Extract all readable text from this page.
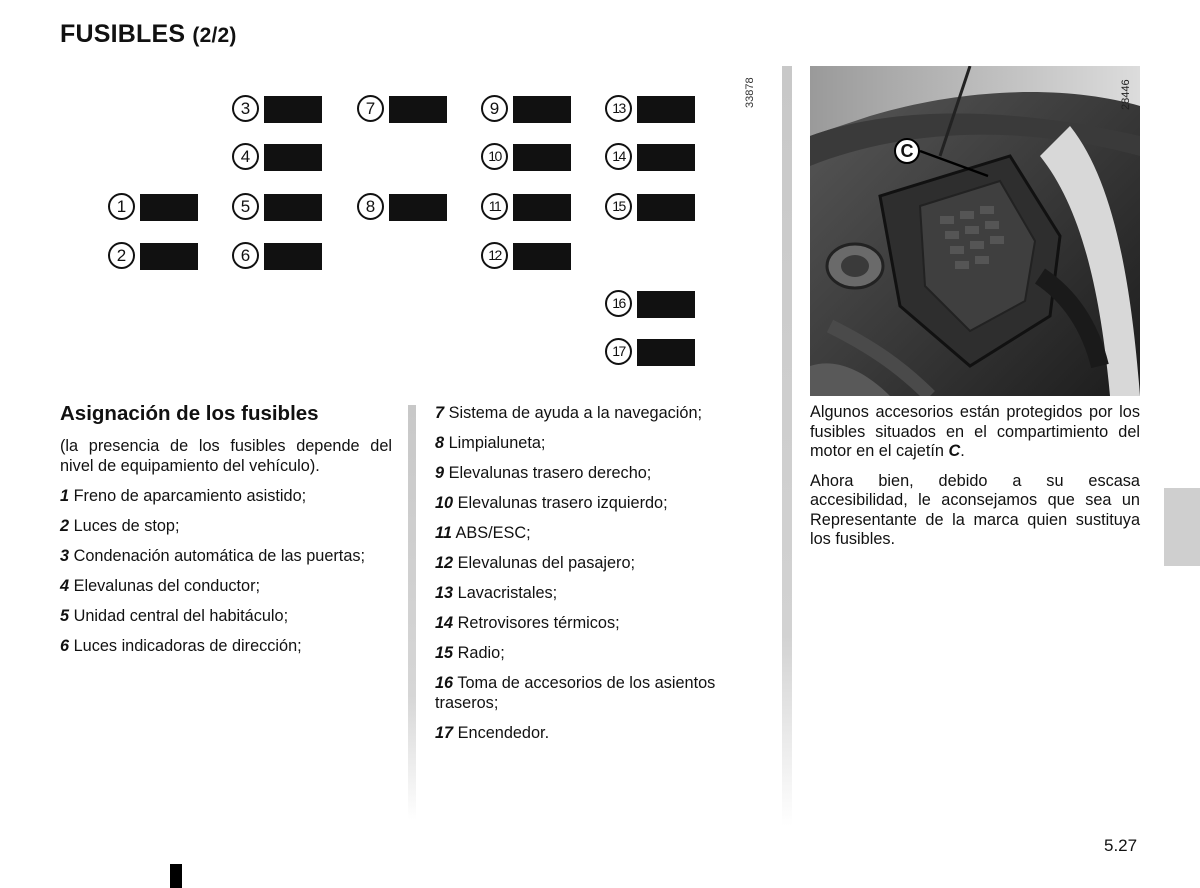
FUSIBLES (2/2)
1
2
3
4
5
6
7
8
9
10
11
12
13
14
15
16
17
33878

Asignación de los fusibles

(la presencia de los fusibles depende del nivel de equipamiento del vehículo).

1 Freno de aparcamiento asistido;

2 Luces de stop;

3 Condenación automática de las puertas;

4 Elevalunas del conductor;

5 Unidad central del habitáculo;

6 Luces indicadoras de dirección;

7 Sistema de ayuda a la navegación;

8 Limpialuneta;

9 Elevalunas trasero derecho;

10 Elevalunas trasero izquierdo;

11 ABS/ESC;

12 Elevalunas del pasajero;

13 Lavacristales;

14 Retrovisores térmicos;

15 Radio;

16 Toma de accesorios de los asientos traseros;

17 Encendedor.

C
28446

Algunos accesorios están protegidos por los fusibles situados en el compartimiento del motor en el cajetín C.

Ahora bien, debido a su escasa accesibilidad, le aconsejamos que sea un Representante de la marca quien sustituya los fusibles.

5.27
